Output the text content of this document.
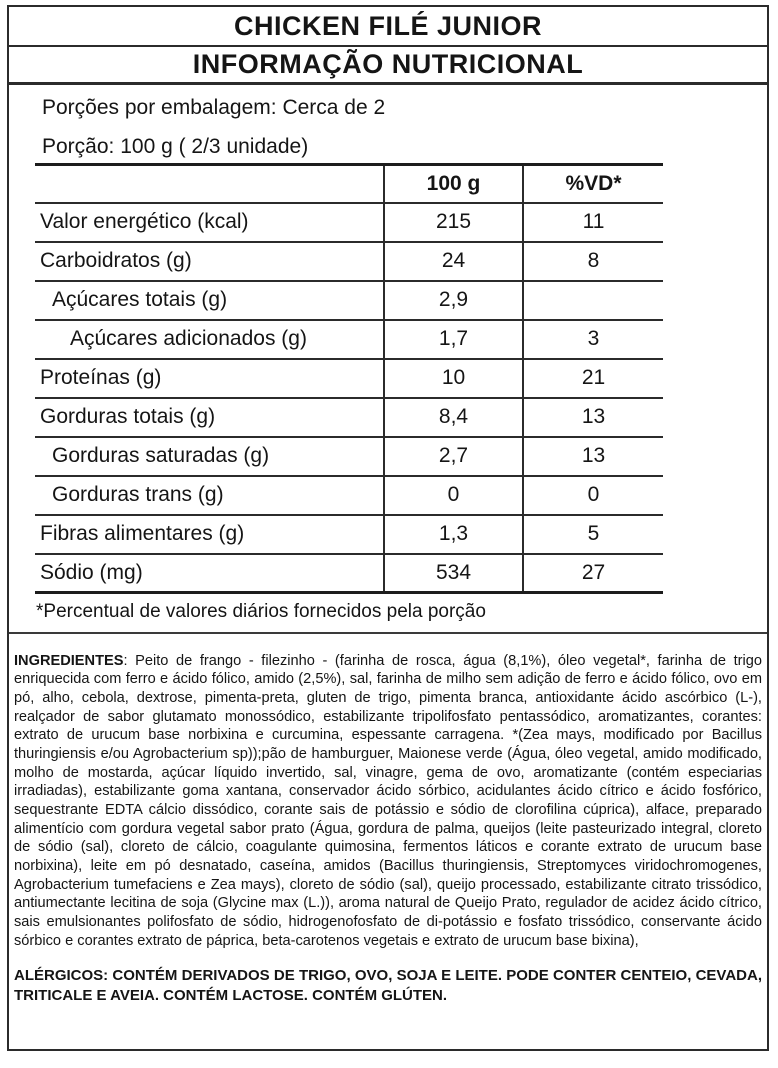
CHICKEN FILÉ JUNIOR
INFORMAÇÃO NUTRICIONAL

Porções por embalagem: Cerca de 2

Porção: 100 g ( 2/3 unidade)

	100 g	%VD*
Valor energético (kcal)	215	11
Carboidratos (g)	24	8
Açúcares totais (g)	2,9	
Açúcares adicionados (g)	1,7	3
Proteínas (g)	10	21
Gorduras totais (g)	8,4	13
Gorduras saturadas (g)	2,7	13
Gorduras trans (g)	0	0
Fibras alimentares (g)	1,3	5
Sódio (mg)	534	27
*Percentual de valores diários fornecidos pela porção

INGREDIENTES: Peito de frango - filezinho - (farinha de rosca, água (8,1%), óleo vegetal*, farinha de trigo enriquecida com ferro e ácido fólico, amido (2,5%), sal, farinha de milho sem adição de ferro e ácido fólico, ovo em pó, alho, cebola, dextrose, pimenta-preta, gluten de trigo, pimenta branca, antioxidante ácido ascórbico (L-), realçador de sabor glutamato monossódico, estabilizante tripolifosfato pentassódico, aromatizantes, corantes: extrato de urucum base norbixina e curcumina, espessante carragena. *(Zea mays, modificado por Bacillus thuringiensis e/ou Agrobacterium sp));pão de hamburguer, Maionese verde (Água, óleo vegetal, amido modificado, molho de mostarda, açúcar líquido invertido, sal, vinagre, gema de ovo, aromatizante (contém especiarias irradiadas), estabilizante goma xantana, conservador ácido sórbico, acidulantes ácido cítrico e ácido fosfórico, sequestrante EDTA cálcio dissódico, corante sais de potássio e sódio de clorofilina cúprica), alface, preparado alimentício com gordura vegetal sabor prato (Água, gordura de palma, queijos (leite pasteurizado integral, cloreto de sódio (sal), cloreto de cálcio, coagulante quimosina, fermentos láticos e corante extrato de urucum base norbixina), leite em pó desnatado, caseína, amidos (Bacillus thuringiensis, Streptomyces viridochromogenes, Agrobacterium tumefaciens e Zea mays), cloreto de sódio (sal), queijo processado, estabilizante citrato trissódico, antiumectante lecitina de soja (Glycine max (L.)), aroma natural de Queijo Prato, regulador de acidez ácido cítrico, sais emulsionantes polifosfato de sódio, hidrogenofosfato de di-potássio e fosfato trissódico, conservante ácido sórbico e corantes extrato de páprica, beta-carotenos vegetais e extrato de urucum base bixina),

ALÉRGICOS: CONTÉM DERIVADOS DE TRIGO, OVO, SOJA E LEITE. PODE CONTER CENTEIO, CEVADA, TRITICALE E AVEIA. CONTÉM LACTOSE. CONTÉM GLÚTEN.
